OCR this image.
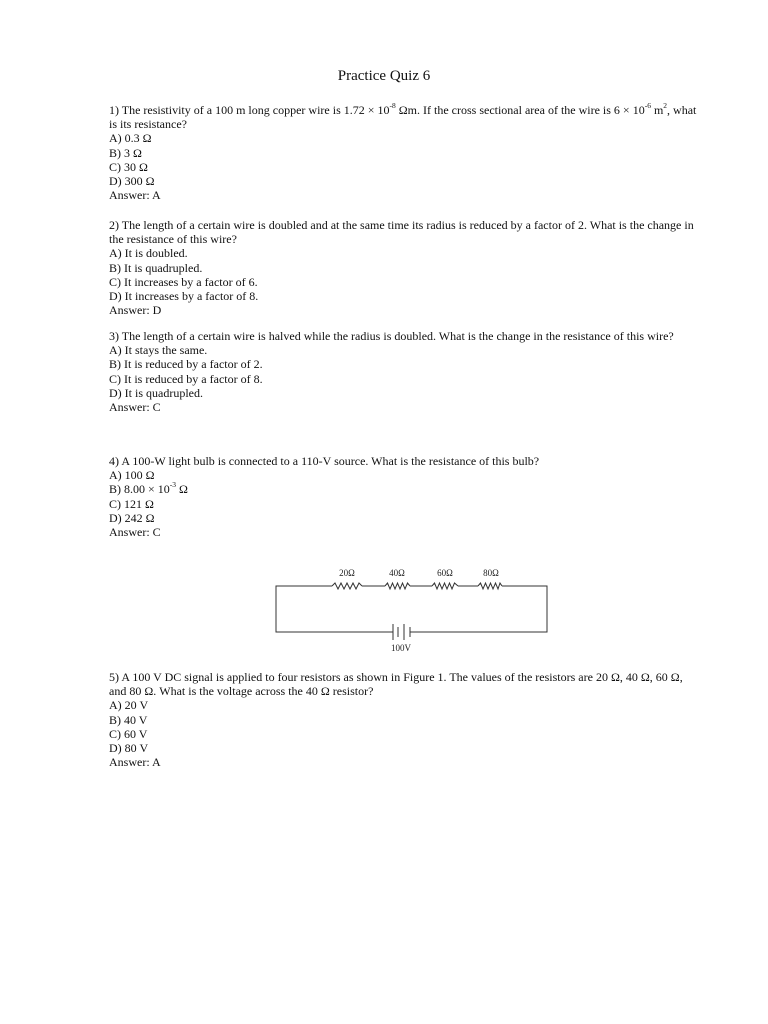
Practice Quiz 6

1) The resistivity of a 100 m long copper wire is $1.72 \times 10^{-8}$ Ωm. If the cross sectional area of the wire is $6 \times 10^{-6}$ $m^2$, what is its resistance?

A) 0.3 Ω

B) 3 Ω

C) 30 Ω

D) 300 Ω

Answer: A

2) The length of a certain wire is doubled and at the same time its radius is reduced by a factor of 2. What is the change in the resistance of this wire?

A) It is doubled.

B) It is quadrupled.

C) It increases by a factor of 6.

D) It increases by a factor of 8.

Answer: D

3) The length of a certain wire is halved while the radius is doubled. What is the change in the resistance of this wire?

A) It stays the same.

B) It is reduced by a factor of 2.

C) It is reduced by a factor of 8.

D) It is quadrupled.

Answer: C

4) A 100-W light bulb is connected to a 110-V source. What is the resistance of this bulb?

A) 100 Ω

B) $8.00 \times 10^{-3}$ Ω

C) 121 Ω

D) 242 Ω

Answer: C

20Ω	40Ω	60Ω	80Ω
100V

5) A 100 V DC signal is applied to four resistors as shown in Figure 1. The values of the resistors are 20 Ω, 40 Ω, 60 Ω, and 80 Ω. What is the voltage across the 40 Ω resistor?

A) 20 V

B) 40 V

C) 60 V

D) 80 V

Answer: A
